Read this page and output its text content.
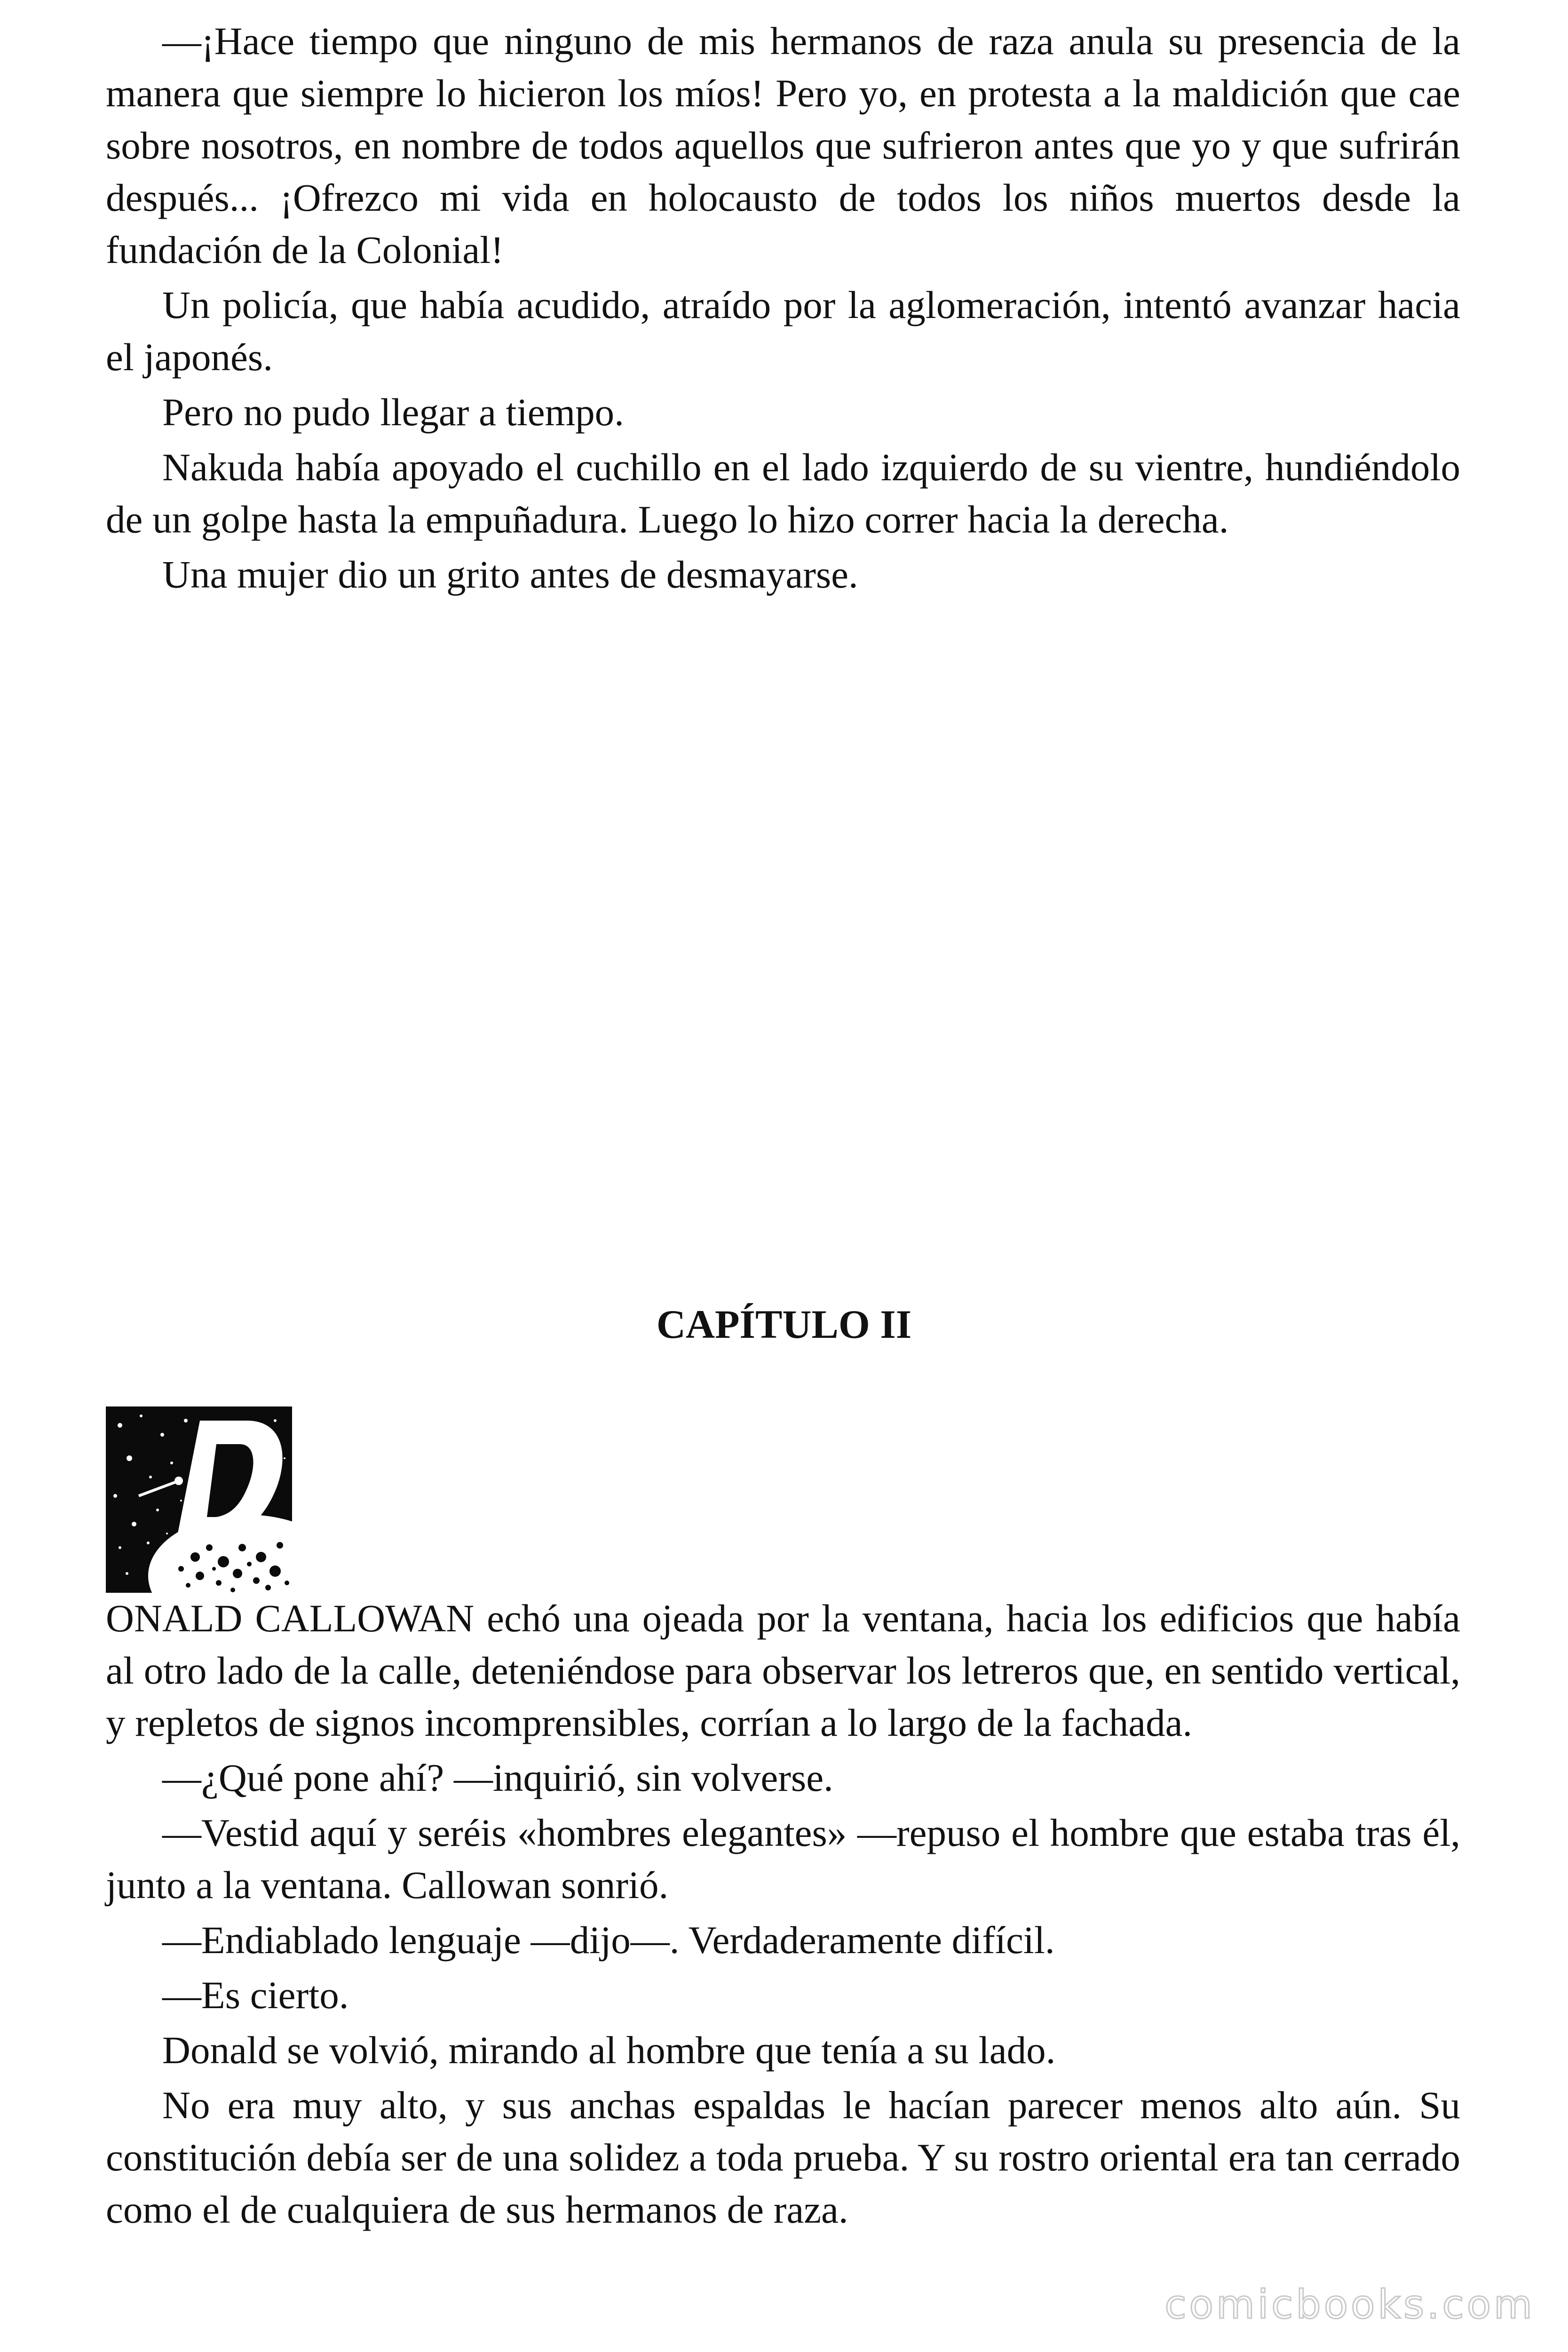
—¡Hace tiempo que ninguno de mis hermanos de raza anula su presencia de la manera que siempre lo hicieron los míos! Pero yo, en protesta a la maldición que cae sobre nosotros, en nombre de todos aquellos que sufrieron antes que yo y que sufrirán después... ¡Ofrezco mi vida en holocausto de todos los niños muertos desde la fundación de la Colonial!

Un policía, que había acudido, atraído por la aglomeración, intentó avanzar hacia el japonés.

Pero no pudo llegar a tiempo.

Nakuda había apoyado el cuchillo en el lado izquierdo de su vientre, hundiéndolo de un golpe hasta la empuñadura. Luego lo hizo correr hacia la derecha.

Una mujer dio un grito antes de desmayarse.

CAPÍTULO II

ONALD CALLOWAN echó una ojeada por la ventana, hacia los edificios que había al otro lado de la calle, deteniéndose para observar los letreros que, en sentido vertical, y repletos de signos incomprensibles, corrían a lo largo de la fachada.

—¿Qué pone ahí? —inquirió, sin volverse.

—Vestid aquí y seréis «hombres elegantes» —repuso el hombre que estaba tras él, junto a la ventana. Callowan sonrió.

—Endiablado lenguaje —dijo—. Verdaderamente difícil.

—Es cierto.

Donald se volvió, mirando al hombre que tenía a su lado.

No era muy alto, y sus anchas espaldas le hacían parecer menos alto aún. Su constitución debía ser de una solidez a toda prueba. Y su rostro oriental era tan cerrado como el de cualquiera de sus hermanos de raza.

comicbooks.com
